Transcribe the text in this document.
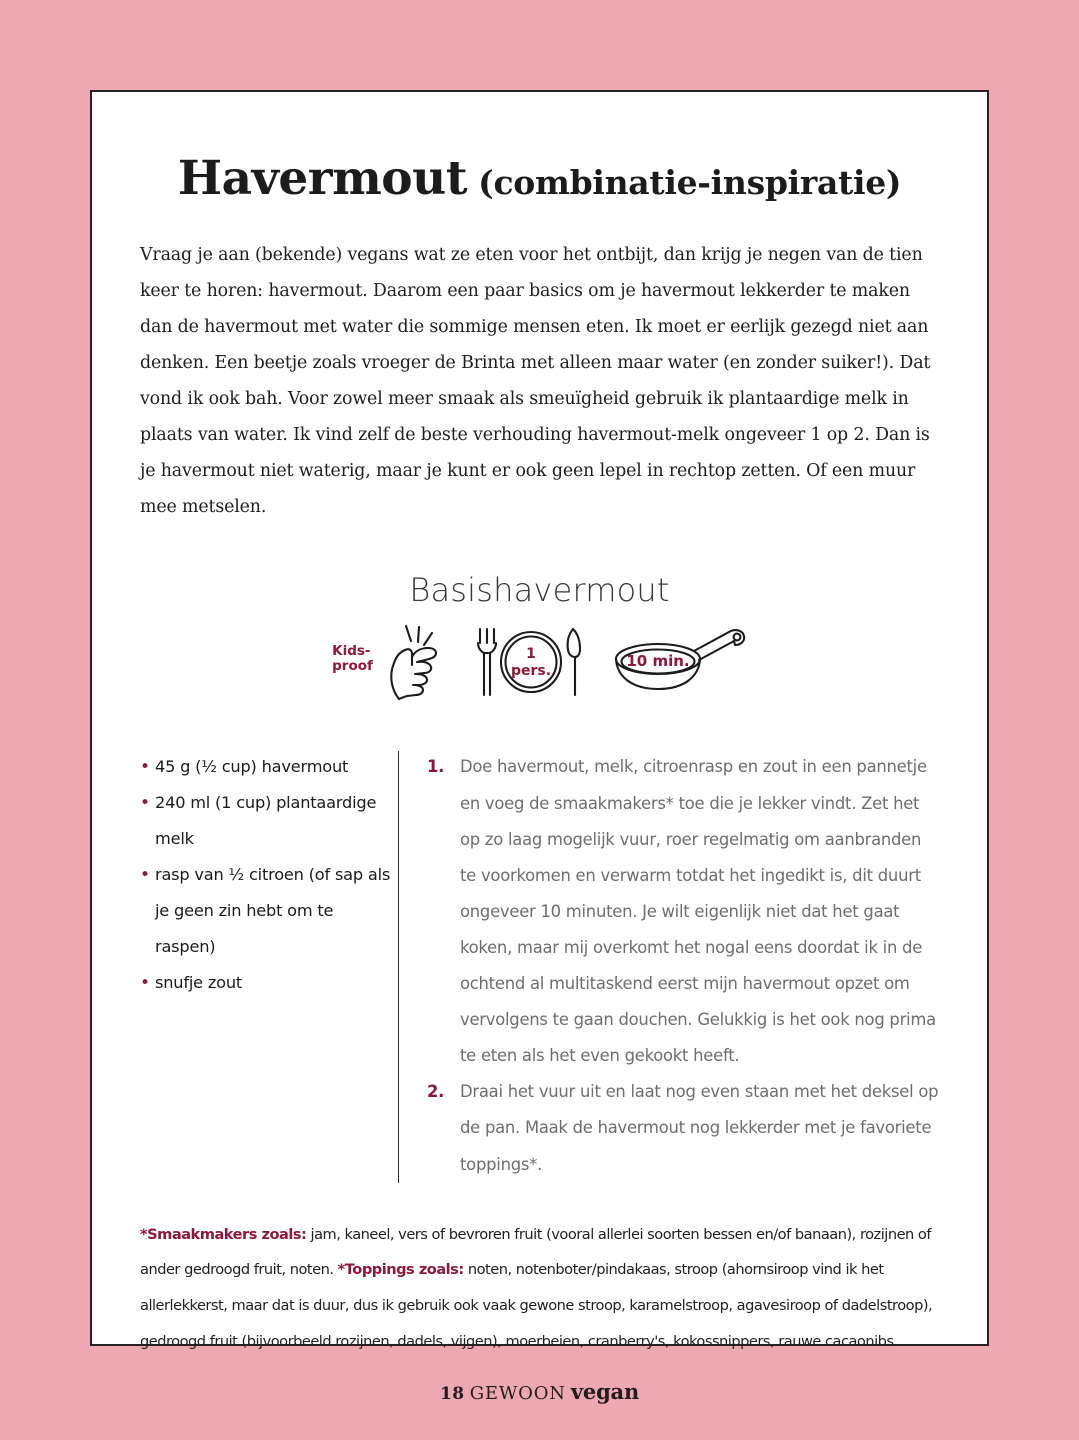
Havermout (combinatie-inspiratie)

Vraag je aan (bekende) vegans wat ze eten voor het ontbijt, dan krijg je negen van de tien keer te horen: havermout. Daarom een paar basics om je havermout lekkerder te maken dan de havermout met water die sommige mensen eten. Ik moet er eerlijk gezegd niet aan denken. Een beetje zoals vroeger de Brinta met alleen maar water (en zonder suiker!). Dat vond ik ook bah. Voor zowel meer smaak als smeuïgheid gebruik ik plantaardige melk in plaats van water. Ik vind zelf de beste verhouding havermout-melk ongeveer 1 op 2. Dan is je havermout niet waterig, maar je kunt er ook geen lepel in rechtop zetten. Of een muur mee metselen.

Basishavermout
Kids-
proof
1
pers.
10 min.
• 45 g (½ cup) havermout
• 240 ml (1 cup) plantaardige melk
• rasp van ½ citroen (of sap als je geen zin hebt om te raspen)
• snufje zout
1. Doe havermout, melk, citroenrasp en zout in een pannetje en voeg de smaakmakers* toe die je lekker vindt. Zet het op zo laag mogelijk vuur, roer regelmatig om aanbranden te voorkomen en verwarm totdat het ingedikt is, dit duurt ongeveer 10 minuten. Je wilt eigenlijk niet dat het gaat koken, maar mij overkomt het nogal eens doordat ik in de ochtend al multitaskend eerst mijn havermout opzet om vervolgens te gaan douchen. Gelukkig is het ook nog prima te eten als het even gekookt heeft.
2. Draai het vuur uit en laat nog even staan met het deksel op de pan. Maak de havermout nog lekkerder met je favoriete toppings*.
*Smaakmakers zoals: jam, kaneel, vers of bevroren fruit (vooral allerlei soorten bessen en/of banaan), rozijnen of ander gedroogd fruit, noten. *Toppings zoals: noten, notenboter/pindakaas, stroop (ahornsiroop vind ik het allerlekkerst, maar dat is duur, dus ik gebruik ook vaak gewone stroop, karamelstroop, agavesiroop of dadelstroop), gedroogd fruit (bijvoorbeeld rozijnen, dadels, vijgen), moerbeien, cranberry's, kokossnippers, rauwe cacaonibs
18 GEWOON vegan
